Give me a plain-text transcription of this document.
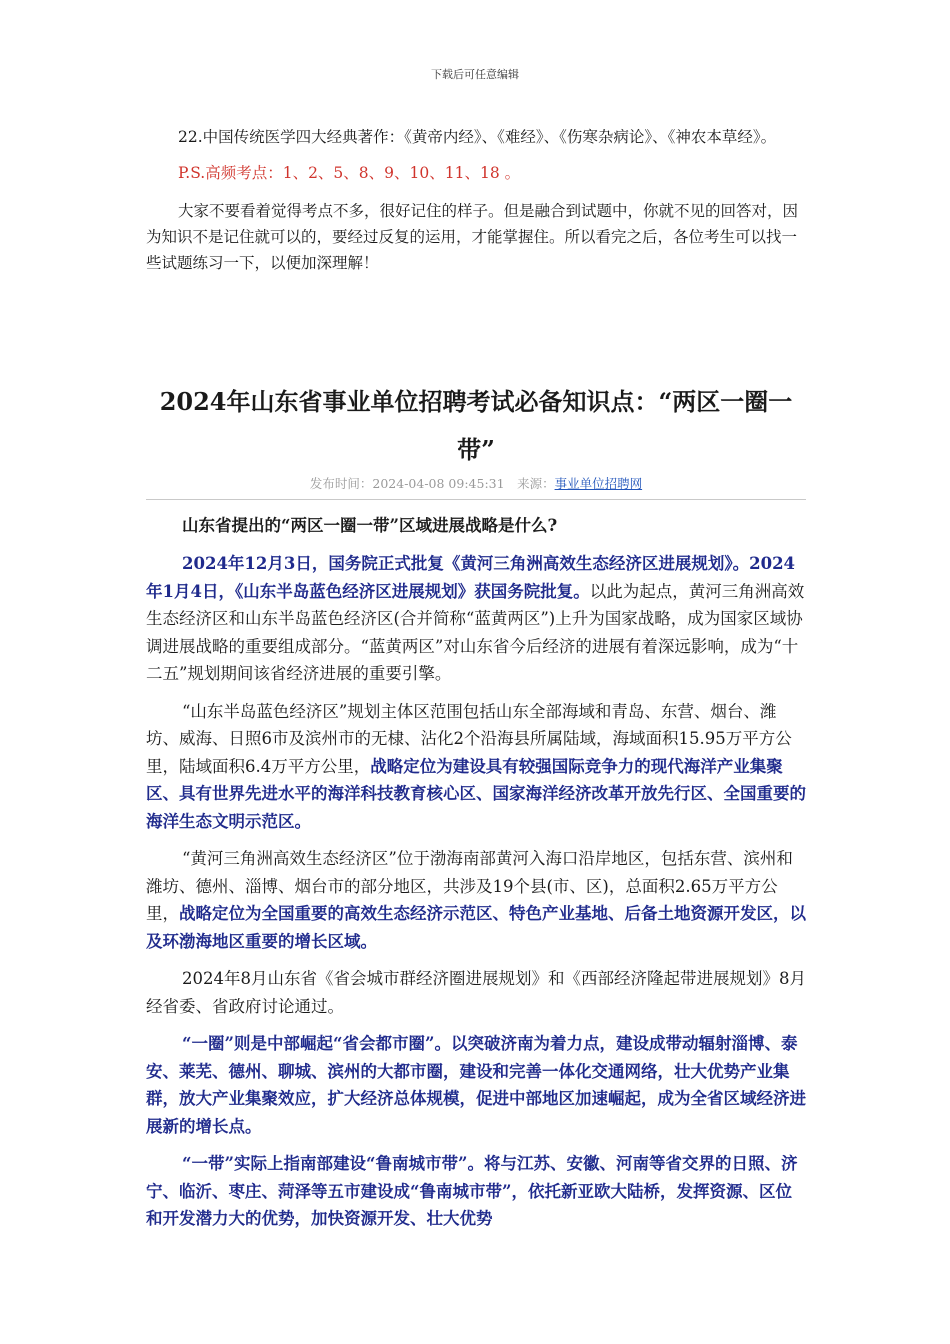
下载后可任意编辑

22.中国传统医学四大经典著作：《黄帝内经》、《难经》、《伤寒杂病论》、《神农本草经》。

P.S.高频考点：1、2、5、8、9、10、11、18 。

大家不要看着觉得考点不多，很好记住的样子。但是融合到试题中，你就不见的回答对，因为知识不是记住就可以的，要经过反复的运用，才能掌握住。所以看完之后，各位考生可以找一些试题练习一下，以便加深理解！

2024年山东省事业单位招聘考试必备知识点：“两区一圈一带”
发布时间：2024-04-08 09:45:31　来源：事业单位招聘网

山东省提出的“两区一圈一带”区域进展战略是什么?

2024年12月3日，国务院正式批复《黄河三角洲高效生态经济区进展规划》。2024年1月4日，《山东半岛蓝色经济区进展规划》获国务院批复。以此为起点，黄河三角洲高效生态经济区和山东半岛蓝色经济区(合并简称“蓝黄两区”)上升为国家战略，成为国家区域协调进展战略的重要组成部分。“蓝黄两区”对山东省今后经济的进展有着深远影响，成为“十二五”规划期间该省经济进展的重要引擎。

“山东半岛蓝色经济区”规划主体区范围包括山东全部海域和青岛、东营、烟台、潍坊、威海、日照6市及滨州市的无棣、沾化2个沿海县所属陆域，海域面积15.95万平方公里，陆域面积6.4万平方公里，战略定位为建设具有较强国际竞争力的现代海洋产业集聚区、具有世界先进水平的海洋科技教育核心区、国家海洋经济改革开放先行区、全国重要的海洋生态文明示范区。

“黄河三角洲高效生态经济区”位于渤海南部黄河入海口沿岸地区，包括东营、滨州和潍坊、德州、淄博、烟台市的部分地区，共涉及19个县(市、区)，总面积2.65万平方公里，战略定位为全国重要的高效生态经济示范区、特色产业基地、后备土地资源开发区，以及环渤海地区重要的增长区域。

2024年8月山东省《省会城市群经济圈进展规划》和《西部经济隆起带进展规划》8月经省委、省政府讨论通过。

“一圈”则是中部崛起“省会都市圈”。以突破济南为着力点，建设成带动辐射淄博、泰安、莱芜、德州、聊城、滨州的大都市圈，建设和完善一体化交通网络，壮大优势产业集群，放大产业集聚效应，扩大经济总体规模，促进中部地区加速崛起，成为全省区域经济进展新的增长点。

“一带”实际上指南部建设“鲁南城市带”。将与江苏、安徽、河南等省交界的日照、济宁、临沂、枣庄、菏泽等五市建设成“鲁南城市带”，依托新亚欧大陆桥，发挥资源、区位和开发潜力大的优势，加快资源开发、壮大优势
